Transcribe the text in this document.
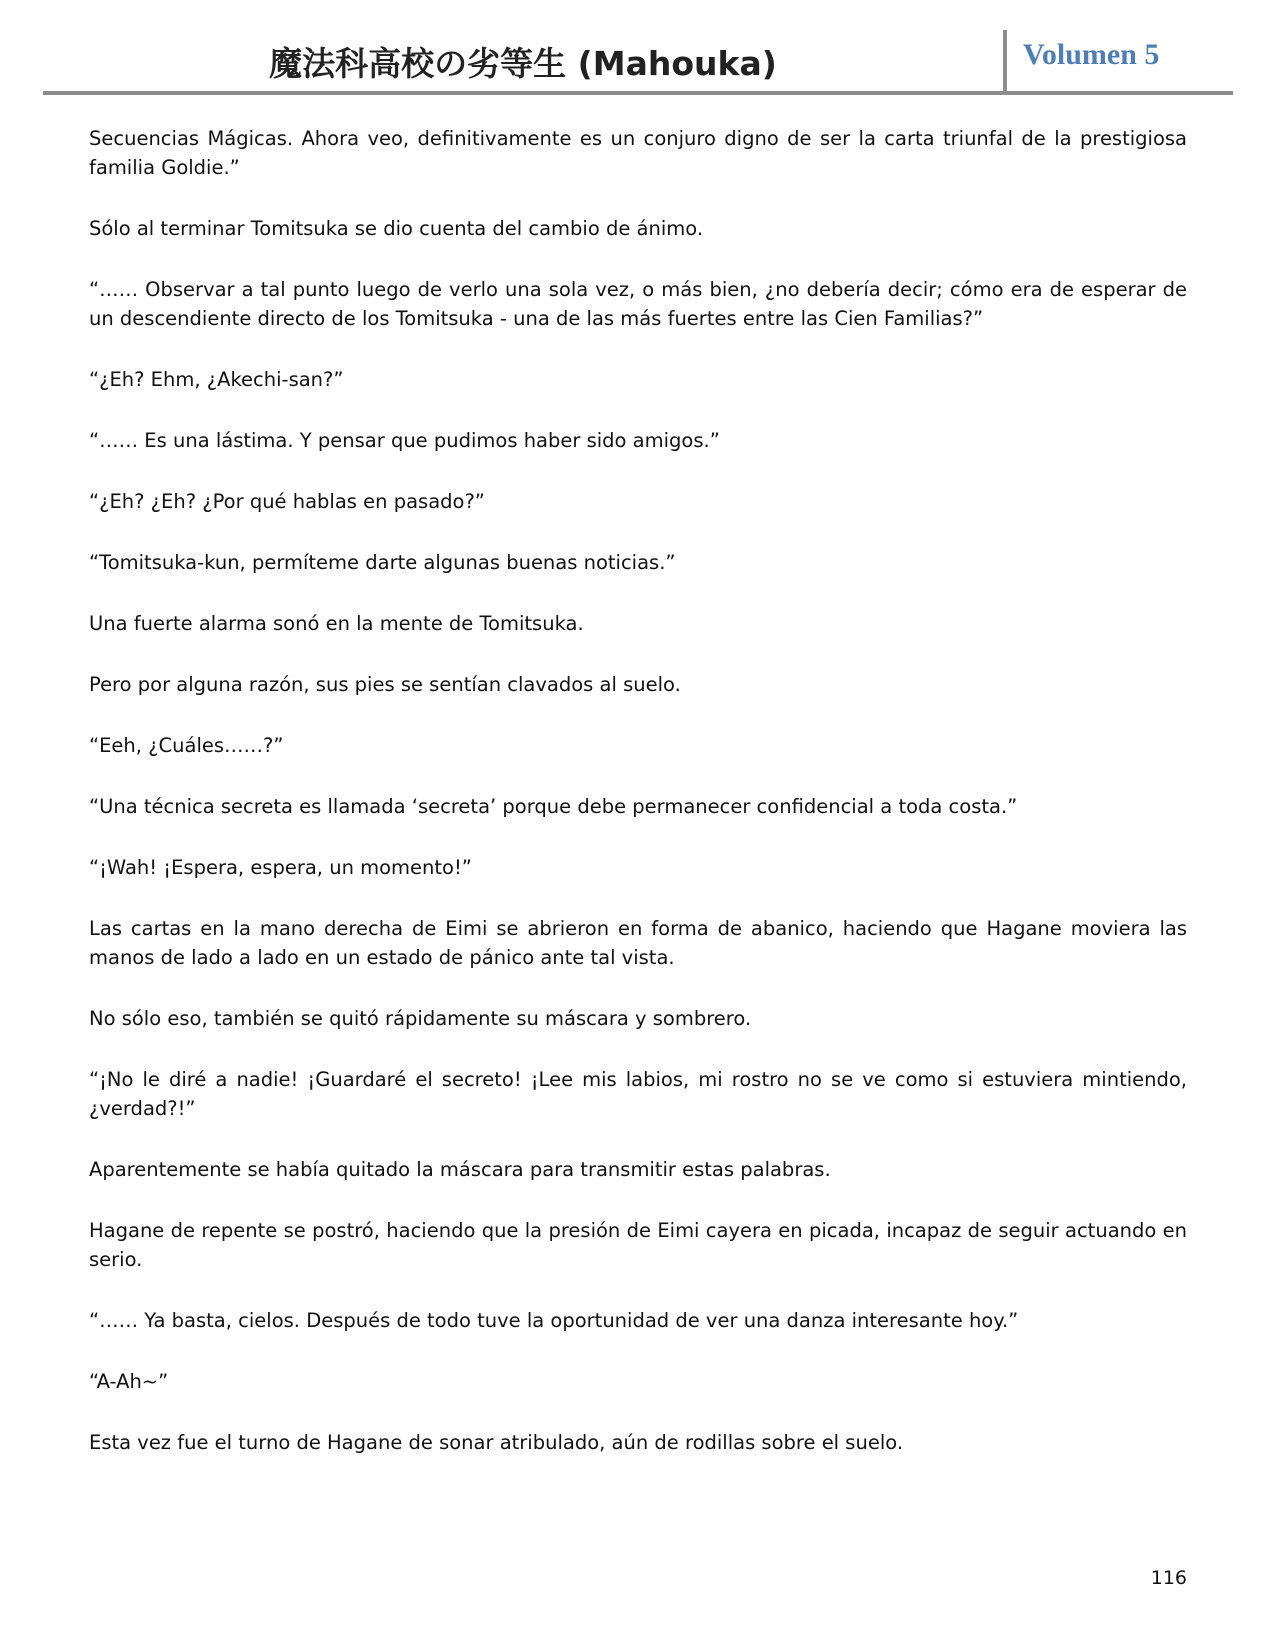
魔法科高校の劣等生 (Mahouka)	Volumen 5

Secuencias Mágicas. Ahora veo, definitivamente es un conjuro digno de ser la carta triunfal de la prestigiosa familia Goldie.”

Sólo al terminar Tomitsuka se dio cuenta del cambio de ánimo.

“…… Observar a tal punto luego de verlo una sola vez, o más bien, ¿no debería decir; cómo era de esperar de un descendiente directo de los Tomitsuka - una de las más fuertes entre las Cien Familias?”

“¿Eh? Ehm, ¿Akechi-san?”

“…… Es una lástima. Y pensar que pudimos haber sido amigos.”

“¿Eh? ¿Eh? ¿Por qué hablas en pasado?”

“Tomitsuka-kun, permíteme darte algunas buenas noticias.”

Una fuerte alarma sonó en la mente de Tomitsuka.

Pero por alguna razón, sus pies se sentían clavados al suelo.

“Eeh, ¿Cuáles……?”

“Una técnica secreta es llamada ‘secreta’ porque debe permanecer confidencial a toda costa.”

“¡Wah! ¡Espera, espera, un momento!”

Las cartas en la mano derecha de Eimi se abrieron en forma de abanico, haciendo que Hagane moviera las manos de lado a lado en un estado de pánico ante tal vista.

No sólo eso, también se quitó rápidamente su máscara y sombrero.

“¡No le diré a nadie! ¡Guardaré el secreto! ¡Lee mis labios, mi rostro no se ve como si estuviera mintiendo, ¿verdad?!”

Aparentemente se había quitado la máscara para transmitir estas palabras.

Hagane de repente se postró, haciendo que la presión de Eimi cayera en picada, incapaz de seguir actuando en serio.

“…… Ya basta, cielos. Después de todo tuve la oportunidad de ver una danza interesante hoy.”

“A-Ah~”

Esta vez fue el turno de Hagane de sonar atribulado, aún de rodillas sobre el suelo.

116
